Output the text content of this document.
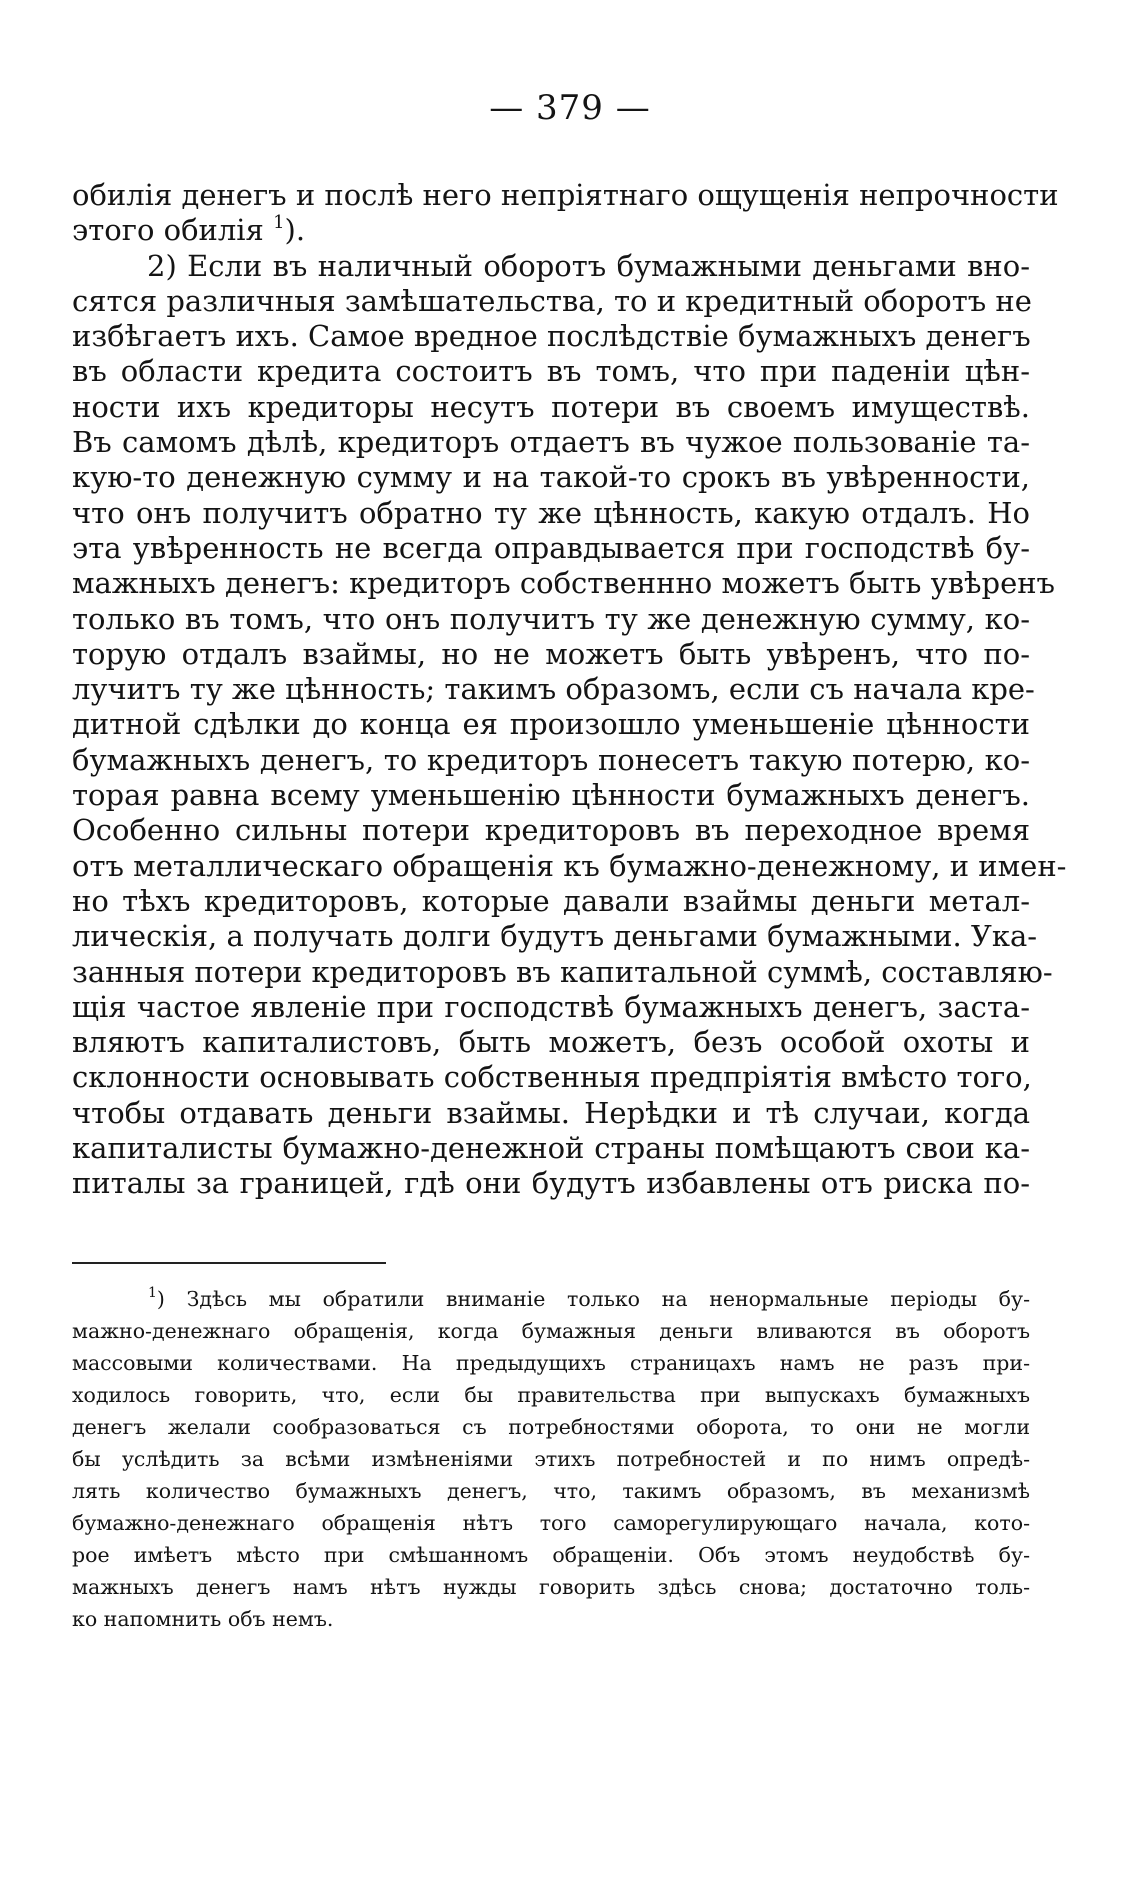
— 379 —
обилія денегъ и послѣ него непріятнаго ощущенія непрочности
этого обилія $^1$).
2) Если въ наличный оборотъ бумажными деньгами вно-
сятся различныя замѣшательства, то и кредитный оборотъ не
избѣгаетъ ихъ. Самое вредное послѣдствіе бумажныхъ денегъ
въ области кредита состоитъ въ томъ, что при паденіи цѣн-
ности ихъ кредиторы несутъ потери въ своемъ имуществѣ.
Въ самомъ дѣлѣ, кредиторъ отдаетъ въ чужое пользованіе та-
кую-то денежную сумму и на такой-то срокъ въ увѣренности,
что онъ получитъ обратно ту же цѣнность, какую отдалъ. Но
эта увѣренность не всегда оправдывается при господствѣ бу-
мажныхъ денегъ: кредиторъ собственнно можетъ быть увѣренъ
только въ томъ, что онъ получитъ ту же денежную сумму, ко-
торую отдалъ взаймы, но не можетъ быть увѣренъ, что по-
лучитъ ту же цѣнность; такимъ образомъ, если съ начала кре-
дитной сдѣлки до конца ея произошло уменьшеніе цѣнности
бумажныхъ денегъ, то кредиторъ понесетъ такую потерю, ко-
торая равна всему уменьшенію цѣнности бумажныхъ денегъ.
Особенно сильны потери кредиторовъ въ переходное время
отъ металлическаго обращенія къ бумажно-денежному, и имен-
но тѣхъ кредиторовъ, которые давали взаймы деньги метал-
лическія, а получать долги будутъ деньгами бумажными. Ука-
занныя потери кредиторовъ въ капитальной суммѣ, составляю-
щія частое явленіе при господствѣ бумажныхъ денегъ, заста-
вляютъ капиталистовъ, быть можетъ, безъ особой охоты и
склонности основывать собственныя предпріятія вмѣсто того,
чтобы отдавать деньги взаймы. Нерѣдки и тѣ случаи, когда
капиталисты бумажно-денежной страны помѣщаютъ свои ка-
питалы за границей, гдѣ они будутъ избавлены отъ риска по-
$^1$) Здѣсь мы обратили вниманіе только на ненормальные періоды бу-
мажно-денежнаго обращенія, когда бумажныя деньги вливаются въ оборотъ
массовыми количествами. На предыдущихъ страницахъ намъ не разъ при-
ходилось говорить, что, если бы правительства при выпускахъ бумажныхъ
денегъ желали сообразоваться съ потребностями оборота, то они не могли
бы услѣдить за всѣми измѣненіями этихъ потребностей и по нимъ опредѣ-
лять количество бумажныхъ денегъ, что, такимъ образомъ, въ механизмѣ
бумажно-денежнаго обращенія нѣтъ того саморегулирующаго начала, кото-
рое имѣетъ мѣсто при смѣшанномъ обращеніи. Объ этомъ неудобствѣ бу-
мажныхъ денегъ намъ нѣтъ нужды говорить здѣсь снова; достаточно толь-
ко напомнить объ немъ.
